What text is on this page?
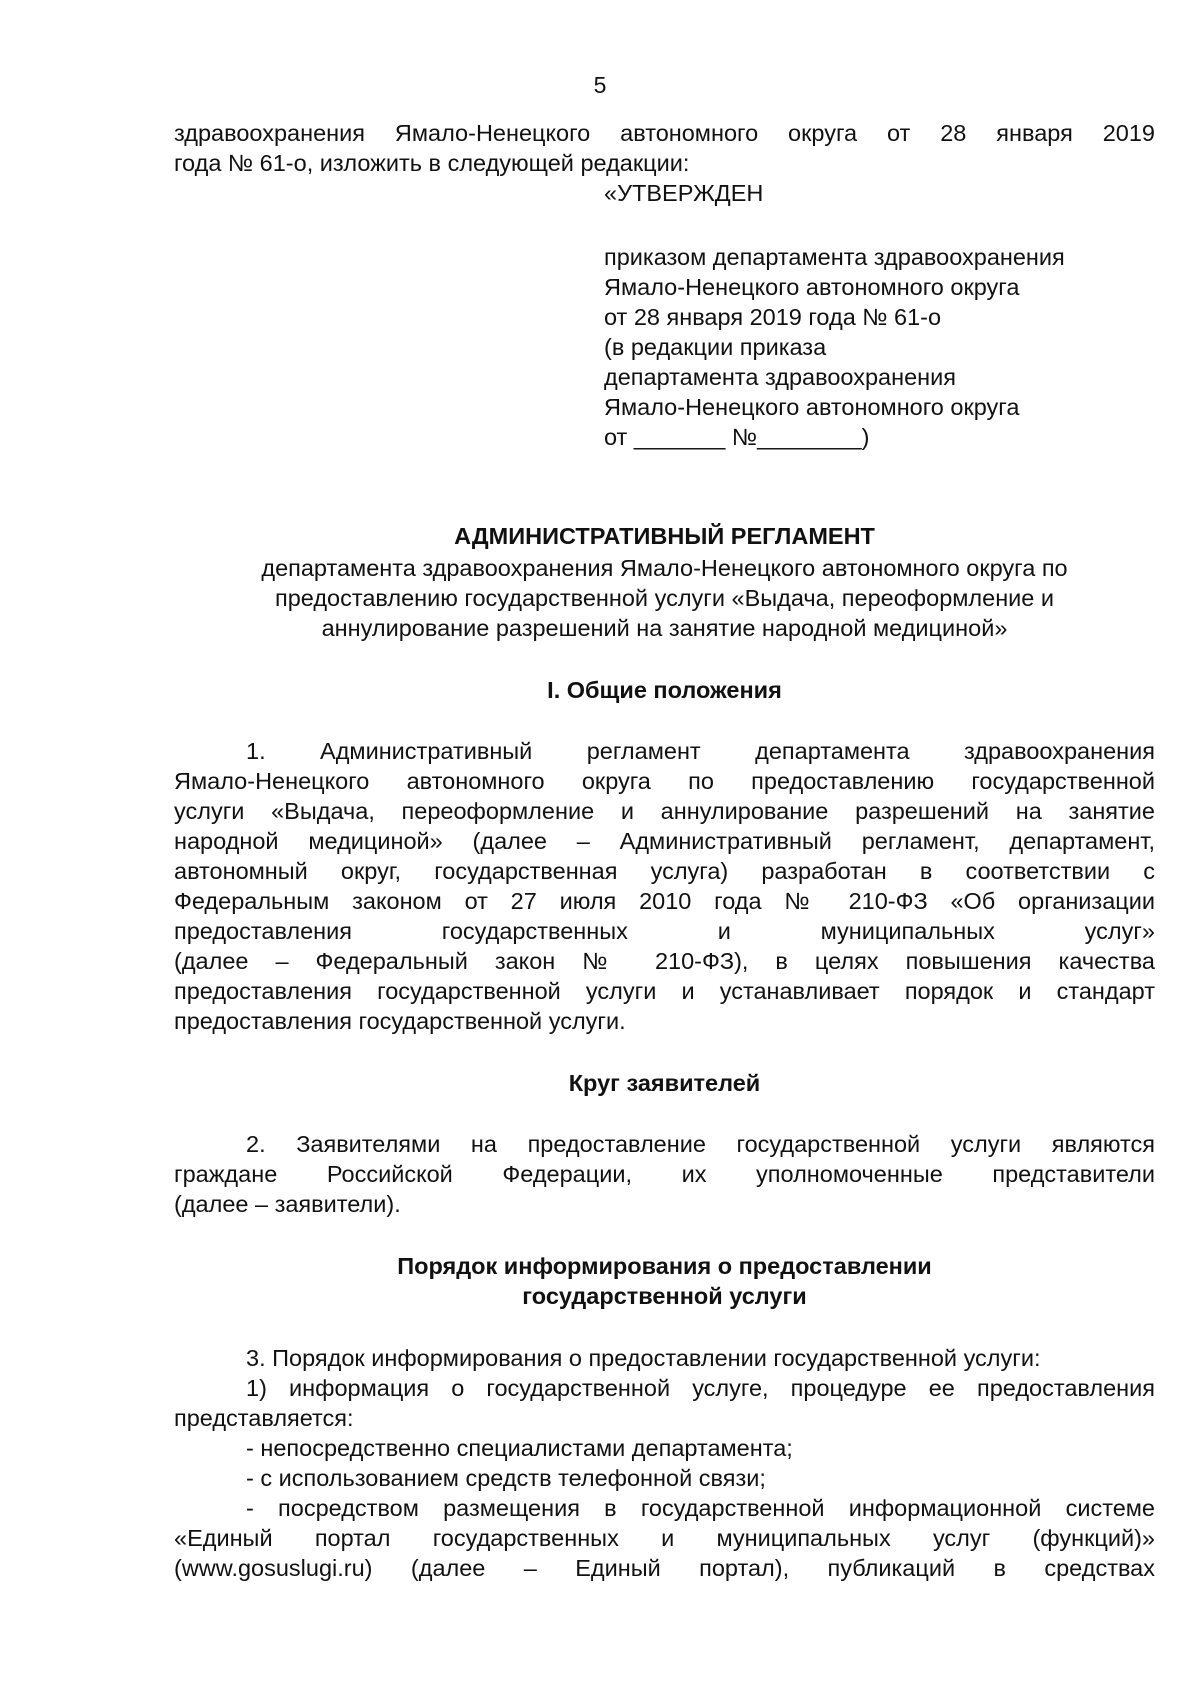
5
здравоохранения Ямало-Ненецкого автономного округа от 28 января 2019
года № 61-о, изложить в следующей редакции:
«УТВЕРЖДЕН
приказом департамента здравоохранения
Ямало-Ненецкого автономного округа
от 28 января 2019 года № 61-о
(в редакции приказа
департамента здравоохранения
Ямало-Ненецкого автономного округа
от _______ №________)
АДМИНИСТРАТИВНЫЙ РЕГЛАМЕНТ
департамента здравоохранения Ямало-Ненецкого автономного округа по
предоставлению государственной услуги «Выдача, переоформление и
аннулирование разрешений на занятие народной медициной»
I. Общие положения
1. Административный регламент департамента здравоохранения
Ямало-Ненецкого автономного округа по предоставлению государственной
услуги «Выдача, переоформление и аннулирование разрешений на занятие
народной медициной» (далее – Административный регламент, департамент,
автономный округ, государственная услуга) разработан в соответствии с
Федеральным законом от 27 июля 2010 года № 210-ФЗ «Об организации
предоставления государственных и муниципальных услуг»
(далее – Федеральный закон № 210-ФЗ), в целях повышения качества
предоставления государственной услуги и устанавливает порядок и стандарт
предоставления государственной услуги.
Круг заявителей
2. Заявителями на предоставление государственной услуги являются
граждане Российской Федерации, их уполномоченные представители
(далее – заявители).
Порядок информирования о предоставлении
государственной услуги
3. Порядок информирования о предоставлении государственной услуги:
1) информация о государственной услуге, процедуре ее предоставления
представляется:
- непосредственно специалистами департамента;
- с использованием средств телефонной связи;
- посредством размещения в государственной информационной системе
«Единый портал государственных и муниципальных услуг (функций)»
(www.gosuslugi.ru) (далее – Единый портал), публикаций в средствах
